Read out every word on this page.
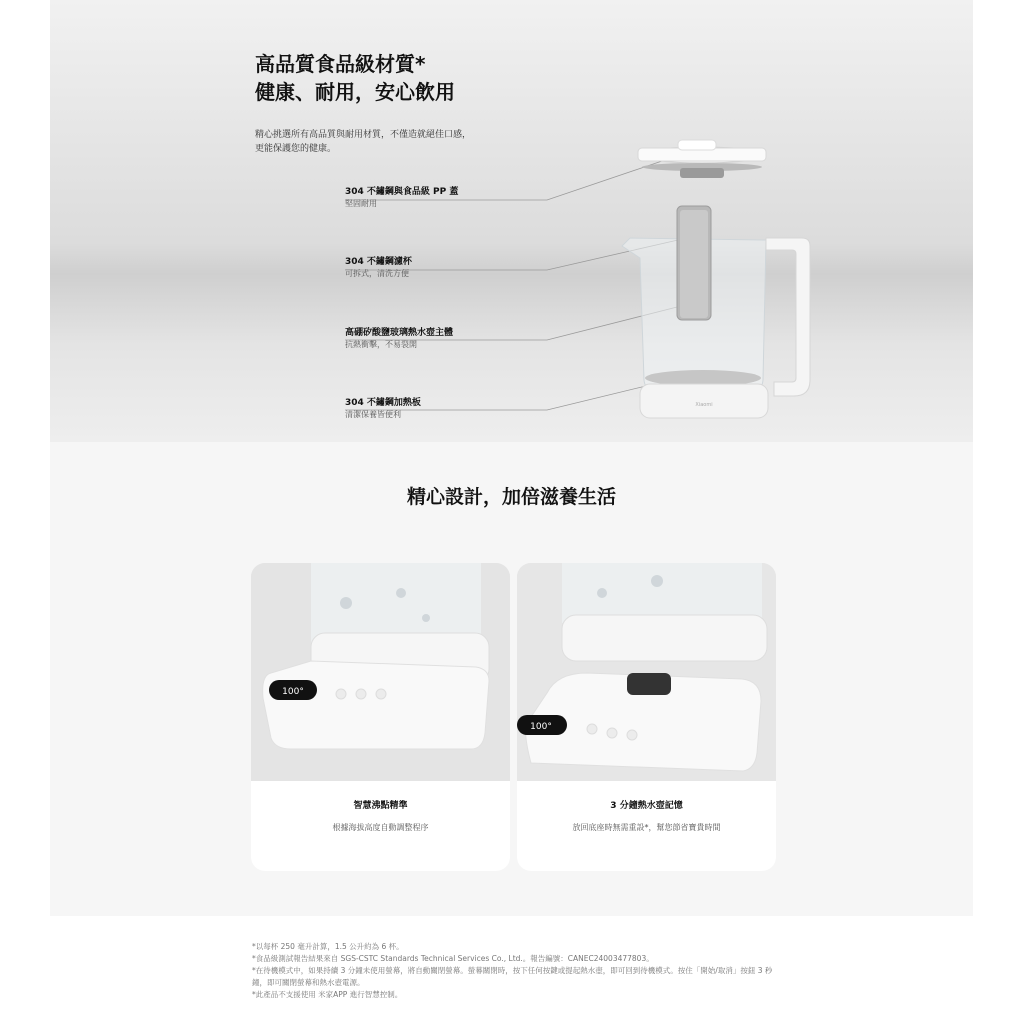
Xiaomi
高品質食品級材質*
健康、耐用，安心飲用
精心挑選所有高品質與耐用材質，不僅造就絕佳口感，更能保護您的健康。
304 不鏽鋼與食品級 PP 蓋
堅固耐用
304 不鏽鋼濾杯
可拆式，清洗方便
高硼矽酸鹽玻璃熱水壺主體
抗熱衝擊，不易裂開
304 不鏽鋼加熱板
清潔保養皆便利
精心設計，加倍滋養生活
100°
智慧沸點精準
根據海拔高度自動調整程序
100°
3 分鐘熱水壺記憶
放回底座時無需重設*，幫您節省寶貴時間

*以每杯 250 毫升計算，1.5 公升約為 6 杯。

*食品級測試報告結果來自 SGS-CSTC Standards Technical Services Co., Ltd.。報告編號：CANEC24003477803。

*在待機模式中，如果持續 3 分鐘未使用螢幕，將自動關閉螢幕。螢幕關閉時，按下任何按鍵或提起熱水壺，即可回到待機模式。按住「開始/取消」按鈕 3 秒鐘，即可關閉螢幕和熱水壺電源。

*此產品不支援使用 米家APP 進行智慧控制。
